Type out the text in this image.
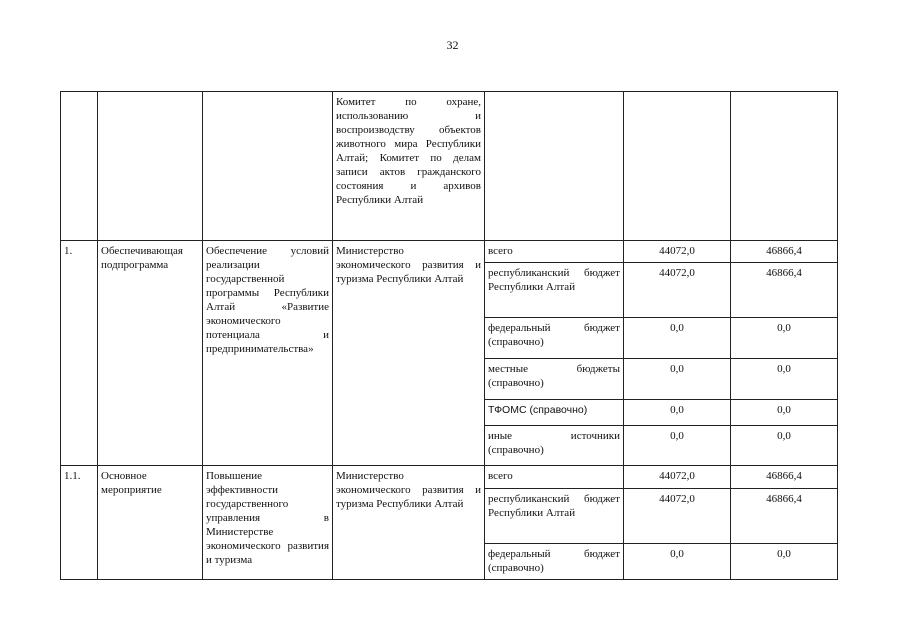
32
			Комитет по охране, использованию и воспроизводству объектов животного мира Республики Алтай; Комитет по делам записи актов гражданского состояния и архивов Республики Алтай			
1.	Обеспечивающая подпрограмма	Обеспечение условий реализации государственной программы Республики Алтай «Развитие экономического потенциала и предпринимательства»	Министерство экономического развития и туризма Республики Алтай	всего	44072,0	46866,4
				республиканский бюджет Республики Алтай	44072,0	46866,4
				федеральный бюджет (справочно)	0,0	0,0
				местные бюджеты (справочно)	0,0	0,0
				ТФОМС (справочно)	0,0	0,0
				иные источники (справочно)	0,0	0,0
1.1.	Основное мероприятие	Повышение эффективности государственного управления в Министерстве экономического развития и туризма	Министерство экономического развития и туризма Республики Алтай	всего	44072,0	46866,4
				республиканский бюджет Республики Алтай	44072,0	46866,4
				федеральный бюджет (справочно)	0,0	0,0
